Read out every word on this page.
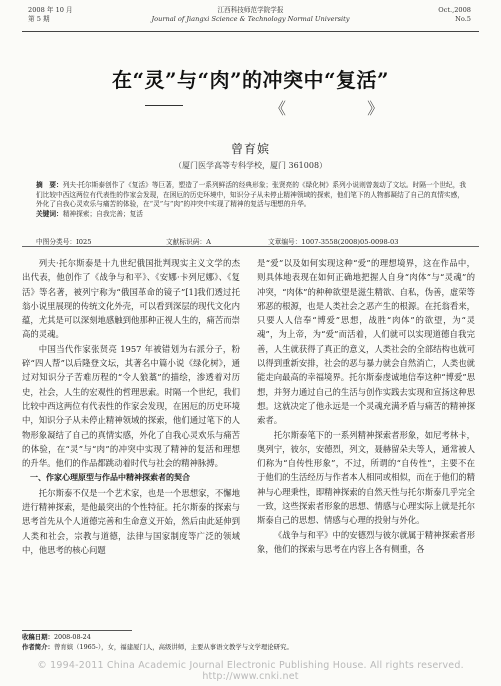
2008 年 10 月
第 5 期
江西科技师范学院学报
Journal of Jiangxi Science & Technology Normal University
Oct.,2008
No.5
在“灵”与“肉”的冲突中“复活”
《 》
曾育嫔
（厦门医学高等专科学校，厦门 361008）
摘　要：列夫·托尔斯泰创作了《复活》等巨著，塑造了一系列鲜活的经典形象；张贤亮的《绿化树》系列小说则曾轰动了文坛。时隔一个世纪，我们比较中西这两位有代表性的作家会发现，在困厄的历史环境中，知识分子从未停止精神领域的探索，他们笔下的人物都凝结了自己的真情实感，外化了自我心灵欢乐与痛苦的体验，在“灵”与“肉”的冲突中实现了精神的复活与理想的升华。
关键词：精神探索；自我完善；复活
中图分类号：I025	文献标识码：A	文章编号：1007-3558(2008)05-0098-03

列夫·托尔斯泰是十九世纪俄国批判现实主义文学的杰出代表，他创作了《战争与和平》、《安娜·卡列尼娜》、《复活》等名著，被列宁称为“俄国革命的镜子”[1]我们透过托翁小说里展现的传统文化外壳，可以看到深层的现代文化内蕴，尤其是可以深刻地感触到他那种正视人生的，痛苦而崇高的灵魂。

中国当代作家张贤亮 1957 年被错划为右派分子，粉碎“四人帮”以后隆登文坛，其著名中篇小说《绿化树》，通过对知识分子苦难历程的“令人狼藁”的描绘，渗透着对历史，社会，人生的宏观性的哲理思索。时隔一个世纪，我们比较中西这两位有代表性的作家会发现，在困厄的历史环境中，知识分子从未停止精神领域的探索，他们通过笔下的人物形象凝结了自己的真情实感，外化了自我心灵欢乐与痛苦的体验，在“灵”与“肉”的冲突中实现了精神的复活和理想的升华。他们的作品都跳动着时代与社会的精神脉搏。

一、作家心理原型与作品中精神探索者的契合

托尔斯泰不仅是一个艺术家，也是一个思想家，不懈地进行精神探索，是他最突出的个性特征。托尔斯泰的探索与思考首先从个人道德完善和生命意义开始，然后由此延伸到人类和社会，宗教与道德，法律与国家制度等广泛的领域中，他思考的核心问题

是“爱”以及如何实现这种“爱”的理想境界，这在作品中，则具体地表现在如何正确地把握人自身“肉体”与“灵魂”的冲突，“肉体”的种种欲望是滋生精欲、自私，伪善，虚荣等邪恶的根源，也是人类社会之恶产生的根源。在托翁看来，只要人人信奉“博爱”思想，战胜“肉体”的欲望，为“灵魂”，为上帝，为“爱”而活着，人们就可以实现道德自我完善，人生就获得了真正的意义，人类社会的全部结构也就可以得到重新安排，社会的恶与暴力就会自然消亡，人类也就能走向最高的幸福境界。托尔斯泰虔诚地信奉这种“博爱”思想，并努力通过自己的生活与创作实践去实现和宣扬这种思想。这就决定了他永远是一个灵魂充满矛盾与痛苦的精神探索者。

托尔斯泰笔下的一系列精神探索者形象，如尼考林卡，奥列宁，彼尔，安德烈，列文，聂赫留朵夫等人，通常被人们称为“自传性形象”，不过，所谓的“自传性”，主要不在于他们的生活经历与作者本人相同或相似，而在于他们的精神与心理秉性，即精神探索的自然天性与托尔斯泰几乎完全一致，这些探索者形象的思想、情感与心理实际上就是托尔斯泰自己的思想、情感与心理的投射与外化。

《战争与和平》中的安德烈与彼尔就属于精神探索者形象，他们的探索与思考在内容上各有侧重，各

收稿日期：2008-08-24
作者简介：曾育嫔（1965-），女，福建厦门人，高级讲师，主要从事语文教学与文学理论研究。
© 1994-2011 China Academic Journal Electronic Publishing House. All rights reserved. http://www.cnki.net
